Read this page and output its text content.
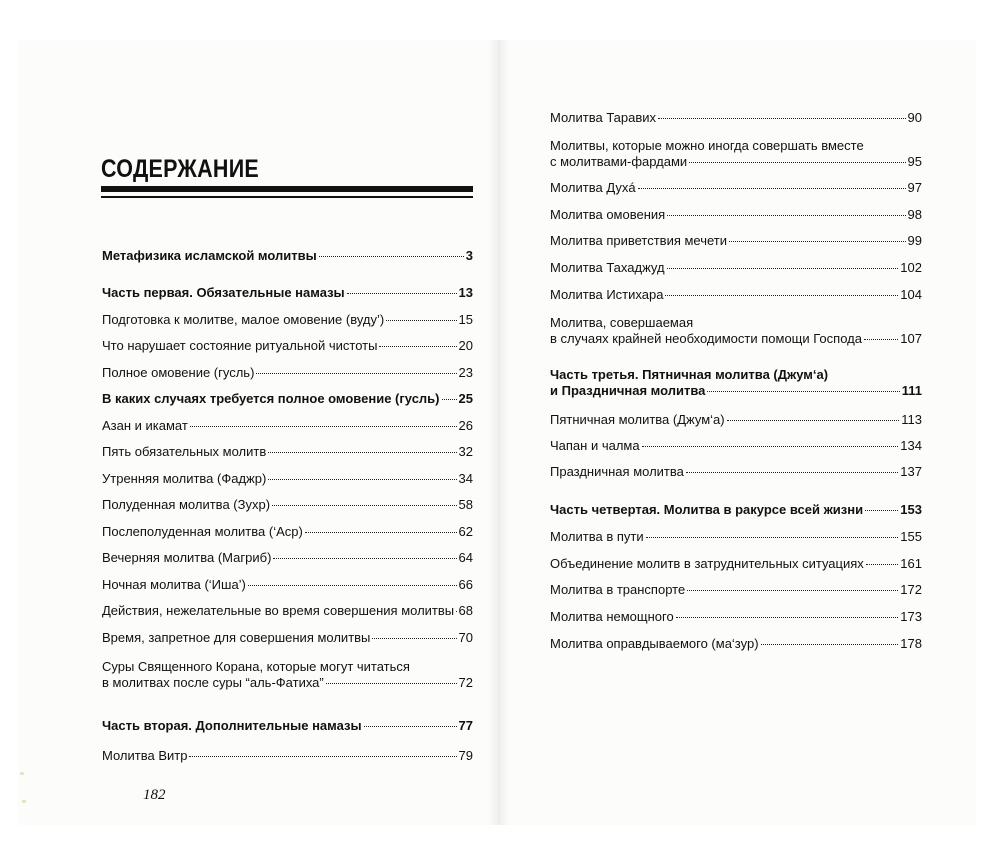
СОДЕРЖАНИЕ
Метафизика исламской молитвы	3
Часть первая. Обязательные намазы	13
Подготовка к молитве, малое омовение (вуду’)	15
Что нарушает состояние ритуальной чистоты	20
Полное омовение (гусль)	23
В каких случаях требуется полное омовение (гусль) 25
Азан и икамат	26
Пять обязательных молитв	32
Утренняя молитва (Фаджр)	34
Полуденная молитва (Зухр)	58
Послеполуденная молитва (‘Аср)	62
Вечерняя молитва (Магриб)	64
Ночная молитва (‘Иша’)	66
Действия, нежелательные во время совершения молитвы 68
Время, запретное для совершения молитвы	70
Суры Священного Корана, которые могут читаться
в молитвах после суры “аль-Фатиха”	72
Часть вторая. Дополнительные намазы	77
Молитва Витр	79
Молитва Таравих	90
Молитвы, которые можно иногда совершать вместе
с молитвами-фардами	95
Молитва Духá	97
Молитва омовения	98
Молитва приветствия мечети	99
Молитва Тахаджуд	102
Молитва Истихара	104
Молитва, совершаемая
в случаях крайней необходимости помощи Господа	107
Часть третья. Пятничная молитва (Джум‘а)
и Праздничная молитва	111
Пятничная молитва (Джум‘а)	113
Чапан и чалма	134
Праздничная молитва	137
Часть четвертая. Молитва в ракурсе всей жизни	153
Молитва в пути	155
Объединение молитв в затруднительных ситуациях	161
Молитва в транспорте	172
Молитва немощного	173
Молитва оправдываемого (ма‘зур)	178
182
